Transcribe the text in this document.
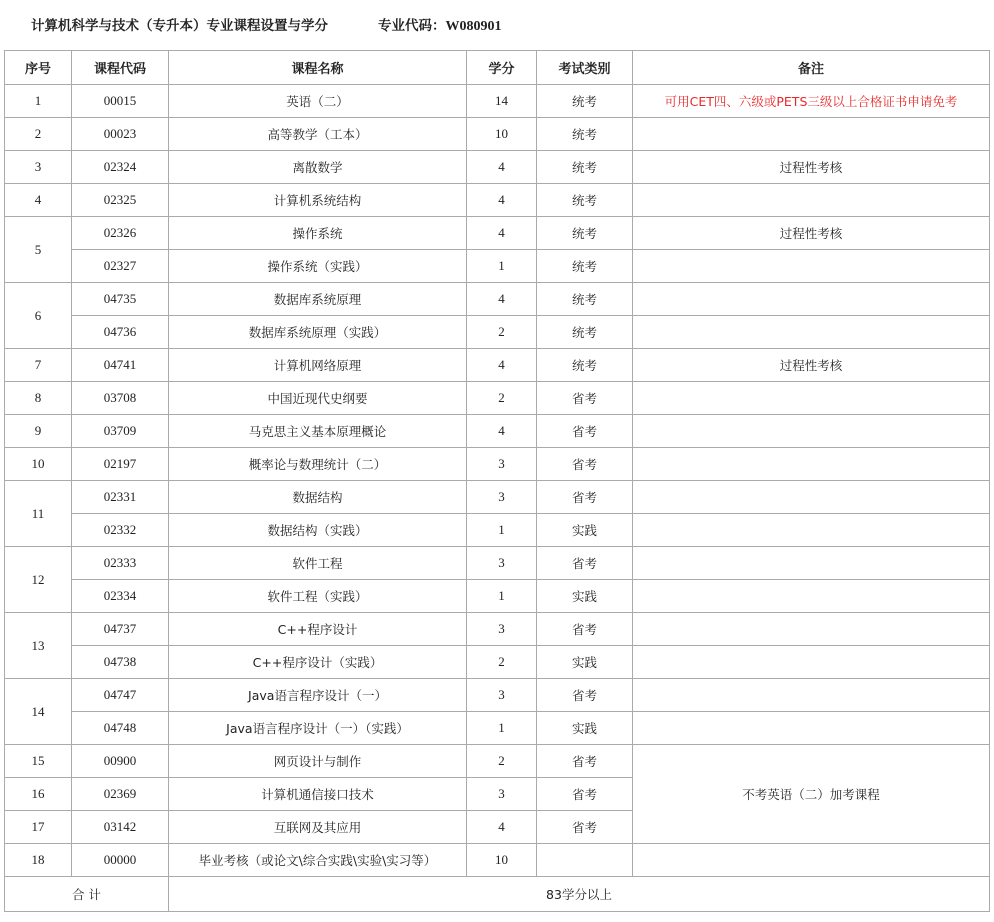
计算机科学与技术（专升本）专业课程设置与学分	专业代码：W080901
序号	课程代码	课程名称	学分	考试类别	备注
1	00015	英语（二）	14	统考	可用CET四、六级或PETS三级以上合格证书申请免考
2	00023	高等教学（工本）	10	统考	
3	02324	离散数学	4	统考	过程性考核
4	02325	计算机系统结构	4	统考	
5	02326	操作系统	4	统考	过程性考核
	02327	操作系统（实践）	1	统考	
6	04735	数据库系统原理	4	统考	
	04736	数据库系统原理（实践）	2	统考	
7	04741	计算机网络原理	4	统考	过程性考核
8	03708	中国近现代史纲要	2	省考	
9	03709	马克思主义基本原理概论	4	省考	
10	02197	概率论与数理统计（二）	3	省考	
11	02331	数据结构	3	省考	
	02332	数据结构（实践）	1	实践	
12	02333	软件工程	3	省考	
	02334	软件工程（实践）	1	实践	
13	04737	C++程序设计	3	省考	
	04738	C++程序设计（实践）	2	实践	
14	04747	Java语言程序设计（一）	3	省考	
	04748	Java语言程序设计（一）（实践）	1	实践	
15	00900	网页设计与制作	2	省考	不考英语（二）加考课程
16	02369	计算机通信接口技术	3	省考	
17	03142	互联网及其应用	4	省考	
18	00000	毕业考核（或论文\综合实践\实验\实习等）	10		
合 计		83学分以上			
